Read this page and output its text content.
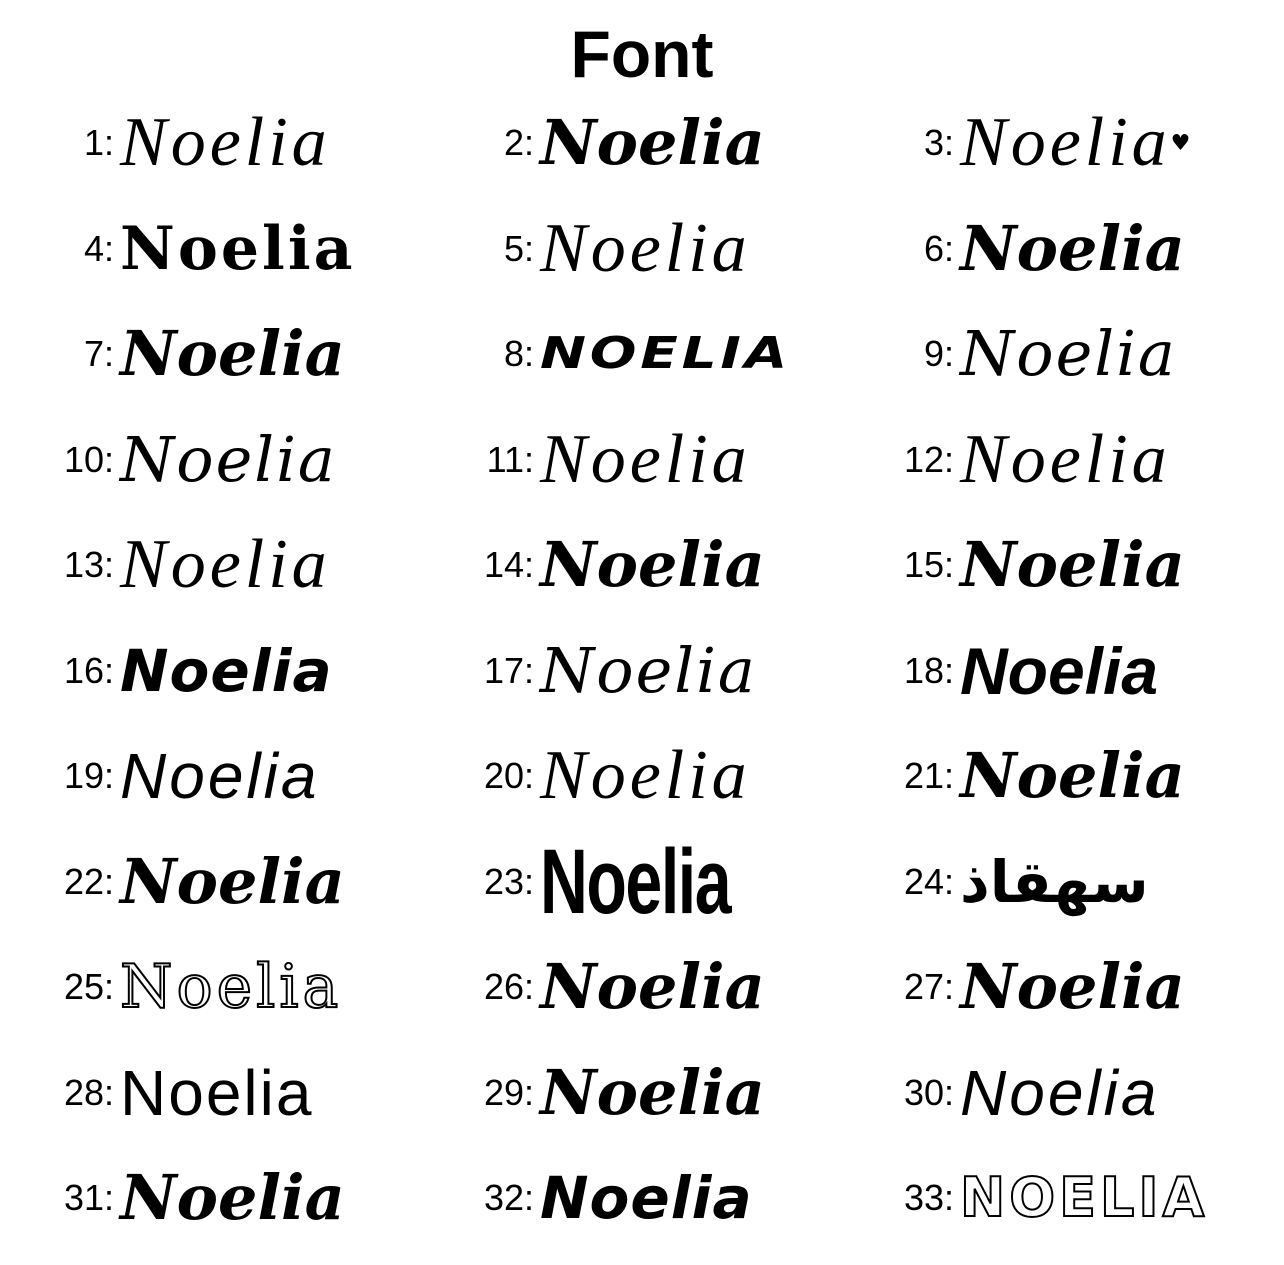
Font
1: Noelia	2: Noelia	3: Noelia ♥
4: Noelia	5: Noelia	6: Noelia
7: Noelia	8: NOELIA	9: Noelia
10: Noelia	11: Noelia	12: Noelia
13: Noelia	14: Noelia	15: Noelia
16: Noelia	17: Noelia	18: Noelia
19: Noelia	20: Noelia	21: Noelia
22: Noelia	23: Noelia	24: سهقاذ
25: Noelia	26: Noelia	27: Noelia
28: Noelia	29: Noelia	30: Noelia
31: Noelia	32: Noelia	33: NOELIA
